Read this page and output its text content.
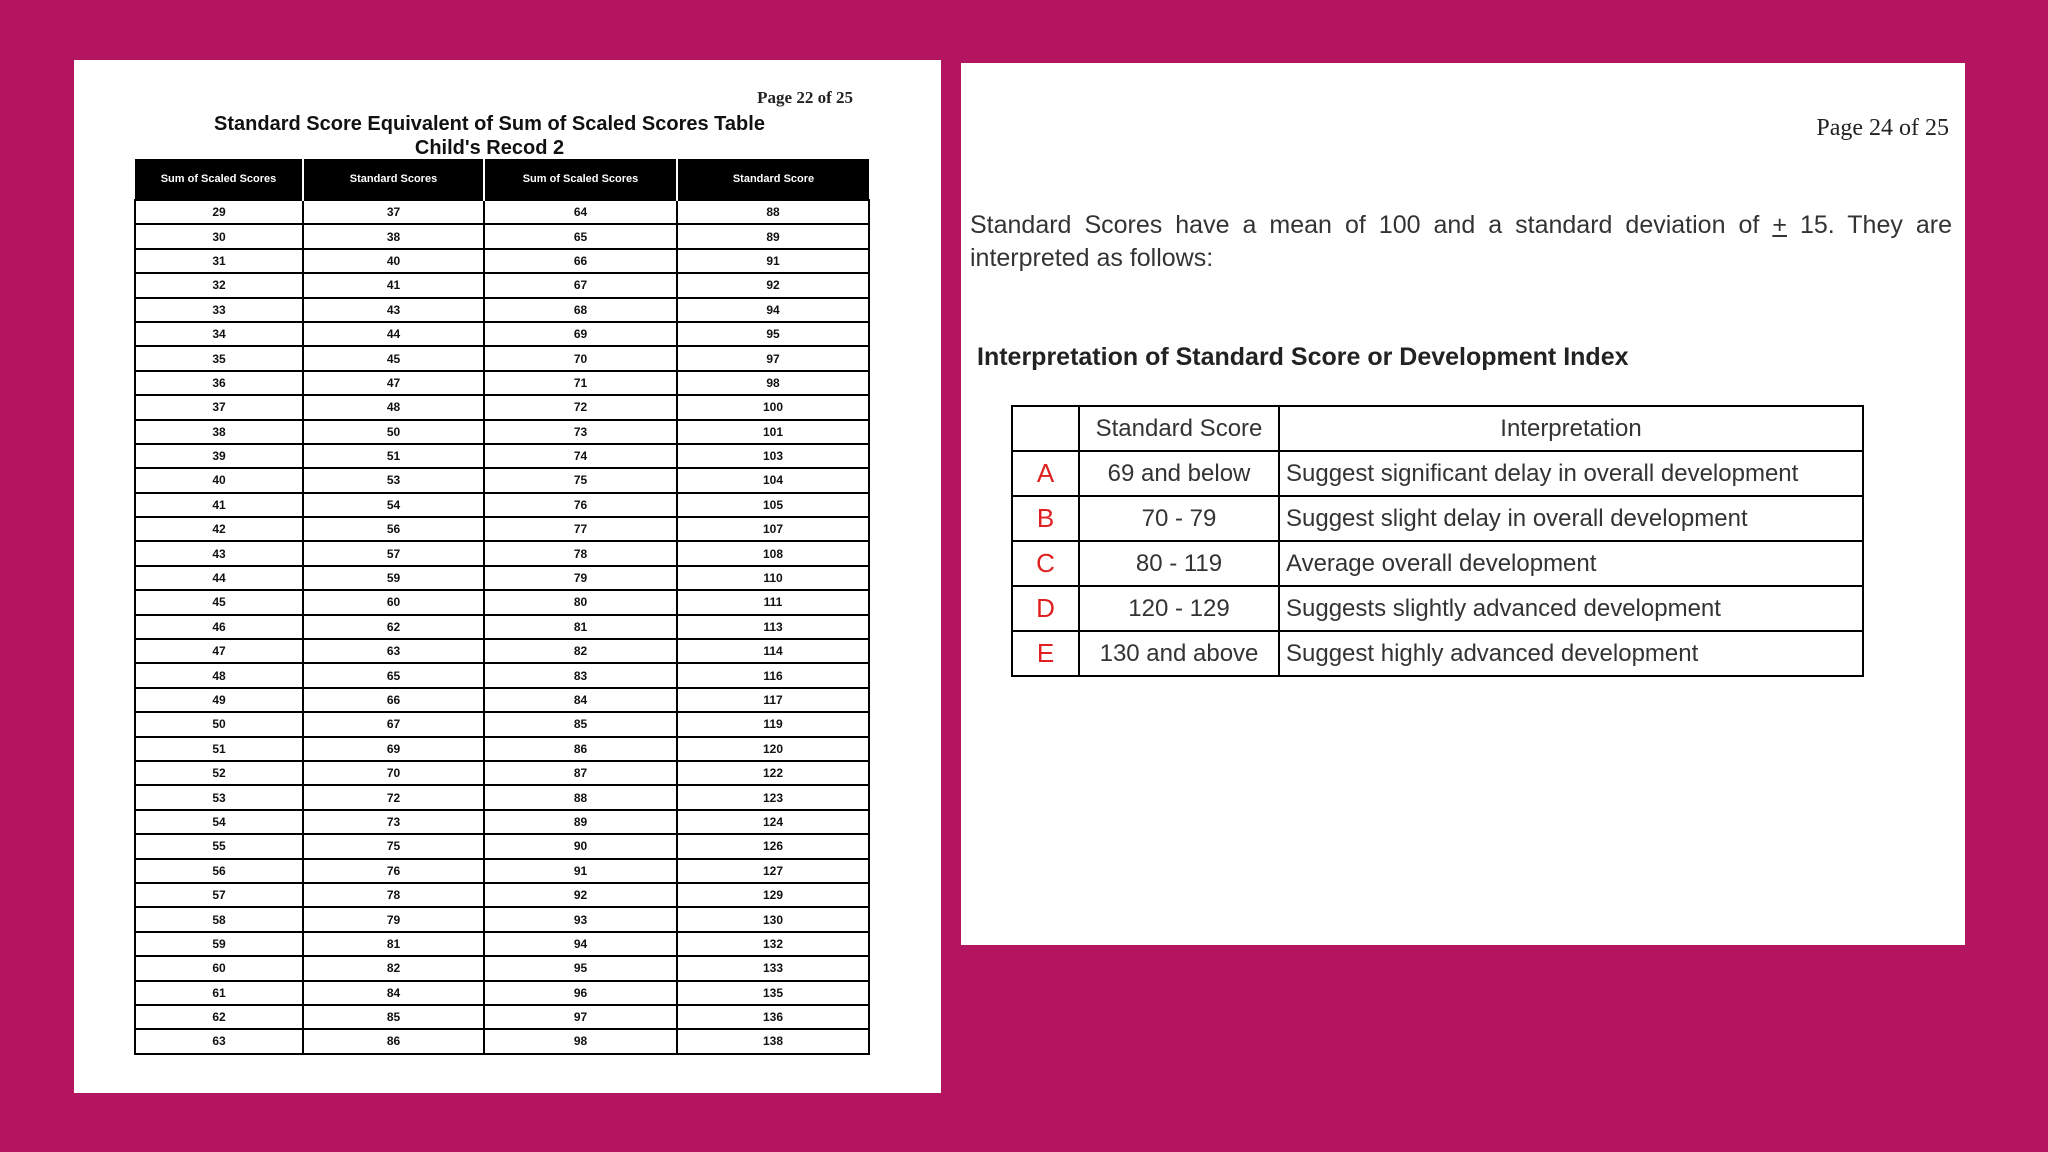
Page 22 of 25
Standard Score Equivalent of Sum of Scaled Scores Table
Child's Recod 2
Sum of Scaled Scores	Standard Scores	Sum of Scaled Scores	Standard Score
29	37	64	88
30	38	65	89
31	40	66	91
32	41	67	92
33	43	68	94
34	44	69	95
35	45	70	97
36	47	71	98
37	48	72	100
38	50	73	101
39	51	74	103
40	53	75	104
41	54	76	105
42	56	77	107
43	57	78	108
44	59	79	110
45	60	80	111
46	62	81	113
47	63	82	114
48	65	83	116
49	66	84	117
50	67	85	119
51	69	86	120
52	70	87	122
53	72	88	123
54	73	89	124
55	75	90	126
56	76	91	127
57	78	92	129
58	79	93	130
59	81	94	132
60	82	95	133
61	84	96	135
62	85	97	136
63	86	98	138
Page 24 of 25
Standard Scores have a mean of 100 and a standard deviation of + 15. They are interpreted as follows:
Interpretation of Standard Score or Development Index
	Standard Score	Interpretation
A	69 and below	Suggest significant delay in overall development
B	70 - 79	Suggest slight delay in overall development
C	80 - 119	Average overall development
D	120 - 129	Suggests slightly advanced development
E	130 and above	Suggest highly advanced development
